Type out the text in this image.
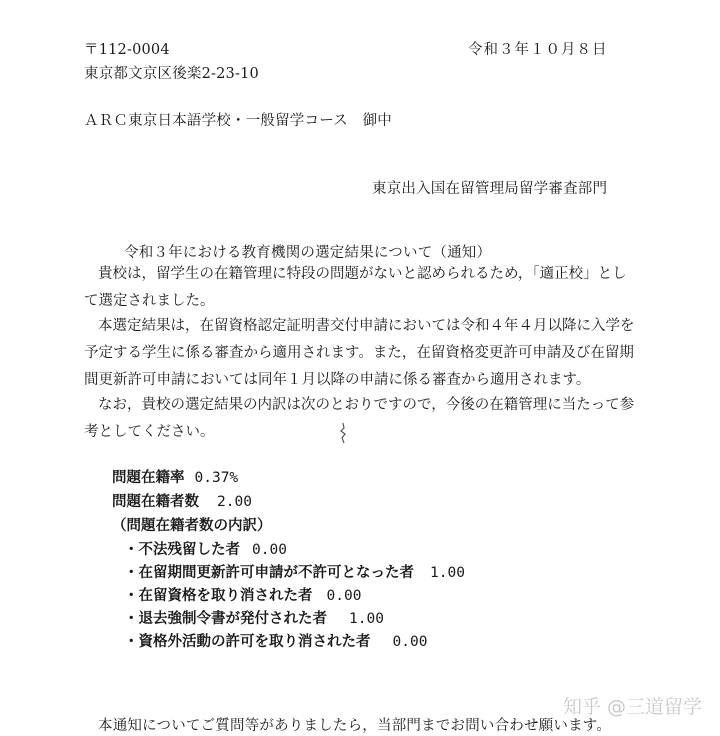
〒112-0004
東京都文京区後楽2-23-10
令和３年１０月８日
ＡＲＣ東京日本語学校・一般留学コース　御中
東京出入国在留管理局留学審査部門
令和３年における教育機関の選定結果について（通知）
貴校は，留学生の在籍管理に特段の問題がないと認められるため，「適正校」とし
て選定されました。
本選定結果は，在留資格認定証明書交付申請においては令和４年４月以降に入学を
予定する学生に係る審査から適用されます。また，在留資格変更許可申請及び在留期
間更新許可申請においては同年１月以降の申請に係る審査から適用されます。
なお，貴校の選定結果の内訳は次のとおりですので，今後の在籍管理に当たって参
考としてください。
問題在籍率 0.37%
問題在籍者数 2.00
（問題在籍者数の内訳）
・不法残留した者 0.00
・在留期間更新許可申請が不許可となった者 1.00
・在留資格を取り消された者 0.00
・退去強制令書が発付された者 1.00
・資格外活動の許可を取り消された者 0.00
本通知についてご質問等がありましたら，当部門までお問い合わせ願います。
知乎 @三道留学
